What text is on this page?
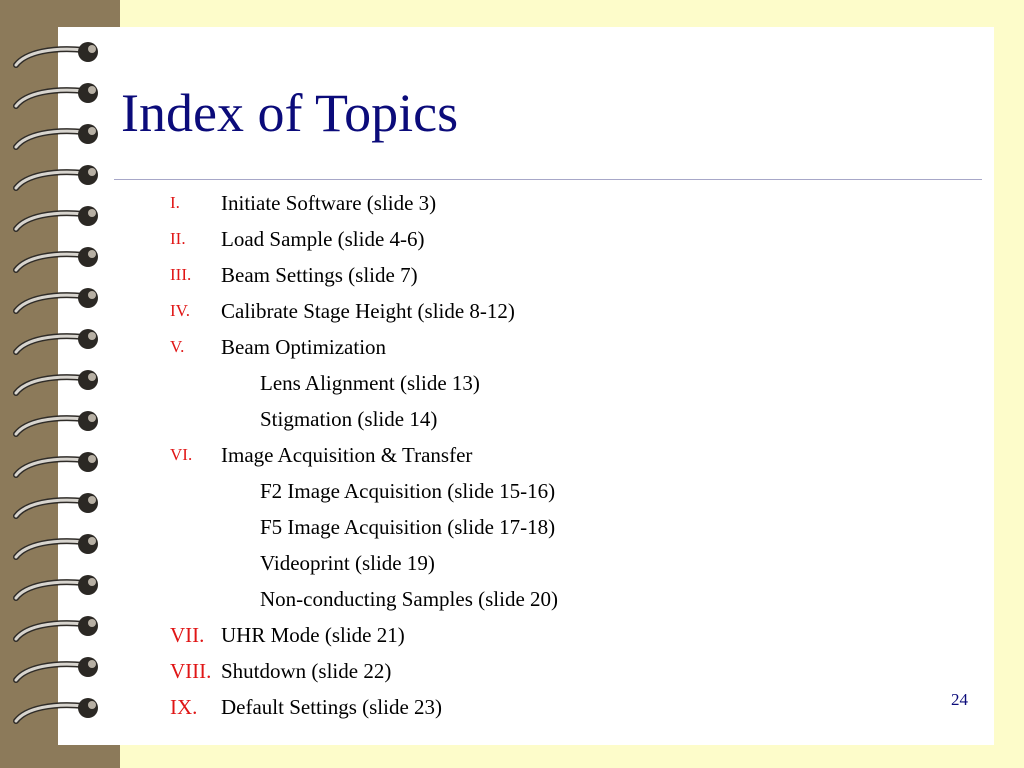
Index of Topics
I. Initiate Software (slide 3)
II. Load Sample (slide 4-6)
III. Beam Settings (slide 7)
IV. Calibrate Stage Height (slide 8-12)
V. Beam Optimization
Lens Alignment (slide 13)
Stigmation (slide 14)
VI. Image Acquisition & Transfer
F2 Image Acquisition (slide 15-16)
F5 Image Acquisition (slide 17-18)
Videoprint (slide 19)
Non-conducting Samples (slide 20)
VII. UHR Mode (slide 21)
VIII. Shutdown (slide 22)
IX. Default Settings (slide 23)	24
